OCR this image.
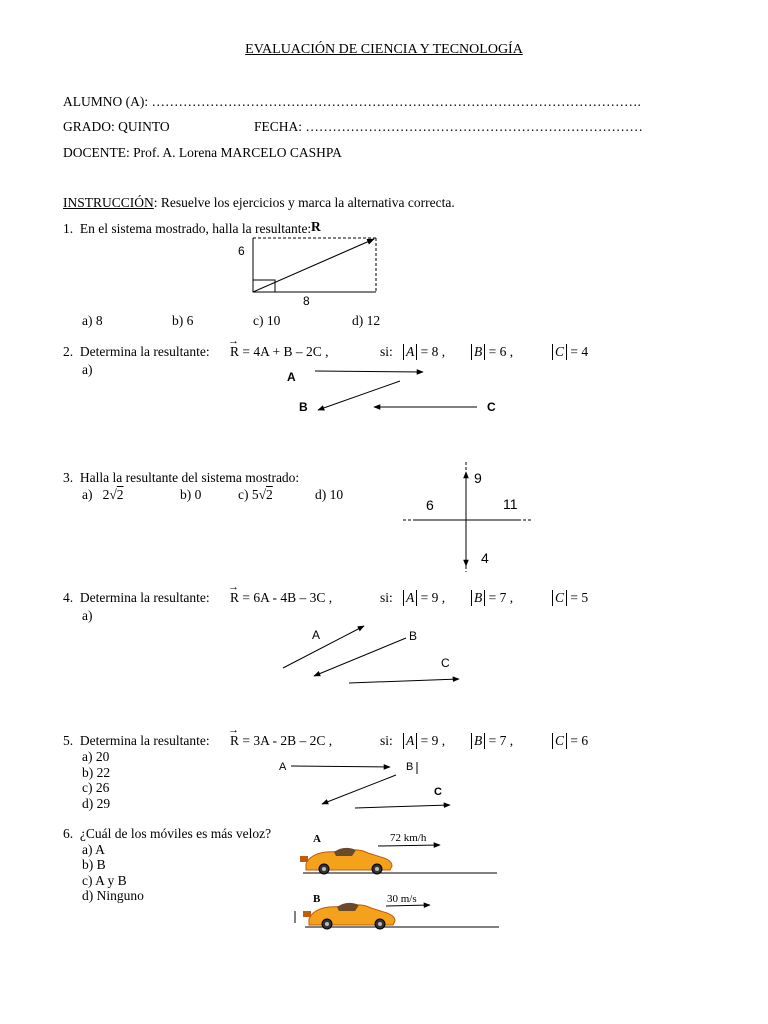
EVALUACIÓN DE CIENCIA Y TECNOLOGÍA
ALUMNO (A): ……………………………………………………………………………………………….
GRADO: QUINTO	FECHA: …………………………………………………………………
DOCENTE: Prof. A. Lorena MARCELO CASHPA
INSTRUCCIÓN: Resuelve los ejercicios y marca la alternativa correcta.
1. En el sistema mostrado, halla la resultante: R
6
8
a) 8	b) 6	c) 10	d) 12
2. Determina la resultante:
→
R = 4A + B – 2C ,	si: A = 8 , B = 6 ,	C = 4
a)	A
B	C
3. Halla la resultante del sistema mostrado:
a) 2√2	b) 0	c) 5√2	d) 10
9
6	11
4
4. Determina la resultante:
→
R = 6A - 4B – 3C ,	si: A = 9 , B = 7 ,	C = 5
a)
A	B
C
5. Determina la resultante:
→
R = 3A - 2B – 2C ,	si: A = 9 , B = 7 ,	C = 6
a) 20
b) 22
c) 26
d) 29
A	B
C
6. ¿Cuál de los móviles es más veloz?
a) A
b) B
c) A y B
d) Ninguno
A	72 km/h
B	30 m/s
